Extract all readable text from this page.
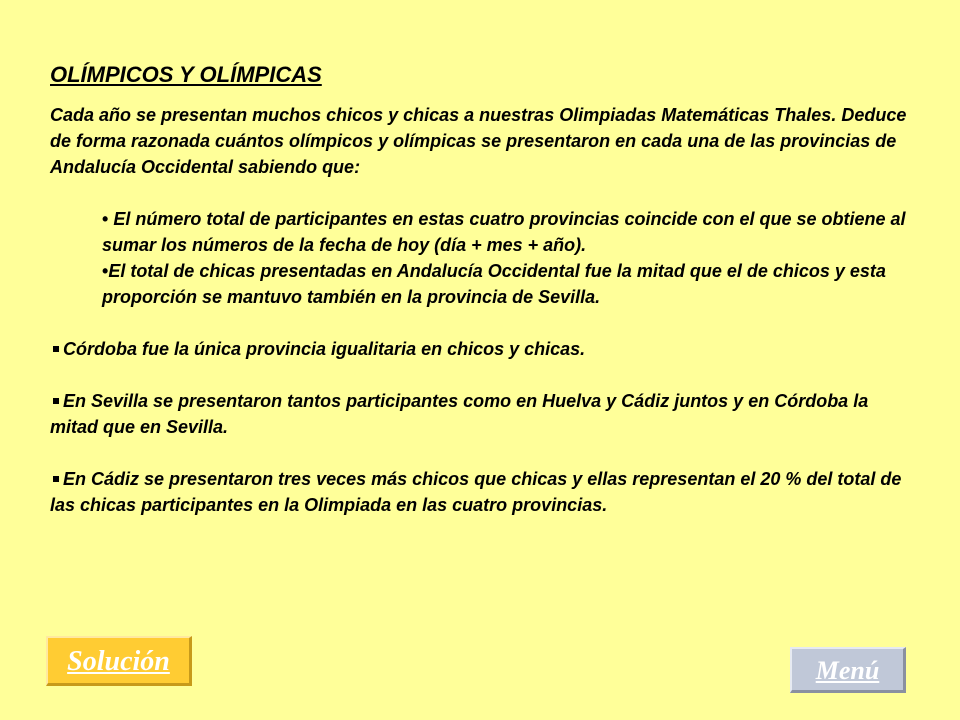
OLÍMPICOS Y OLÍMPICAS

Cada año se presentan muchos chicos y chicas a nuestras Olimpiadas Matemáticas Thales. Deduce de forma razonada cuántos olímpicos y olímpicas se presentaron en cada una de las provincias de Andalucía Occidental sabiendo que:

• El número total de participantes en estas cuatro provincias coincide con el que se obtiene al sumar los números de la fecha de hoy (día + mes + año).

•El total de chicas presentadas en Andalucía Occidental fue la mitad que el de chicos y esta proporción se mantuvo también en la provincia de Sevilla.

Córdoba fue la única provincia igualitaria en chicos y chicas.

En Sevilla se presentaron tantos participantes como en Huelva y Cádiz juntos y en Córdoba la mitad que en Sevilla.

En Cádiz se presentaron tres veces más chicos que chicas y ellas representan el 20 % del total de las chicas participantes en la Olimpiada en las cuatro provincias.

Solución	Menú
